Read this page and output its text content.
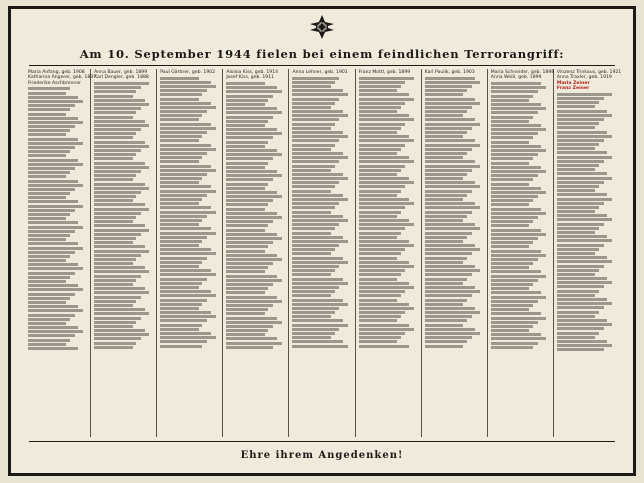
Am 10. September 1944 fielen bei einem feindlichen Terrorangriff:
Maria Anfang, geb. 1908
Katharina Angerer, geb. 1897
Friederike Aschbrenner
Anna Bauer, geb. 1899
Karl Dengler, geb. 1888
Paul Gärtner, geb. 1902	Aloisia Kiss, geb. 1914
Josef Kiss, geb. 1911
Anna Lehner, geb. 1901	Franz Mottl, geb. 1899	Karl Paulik, geb. 1903	Maria Schneider, geb. 1898
Anna Weiß, geb. 1899
Vinzenz Trinkaus, geb. 1921
Anna Traxler, geb. 1919
Maria Zeiner
Franz Zeiner
Ehre ihrem Angedenken!
